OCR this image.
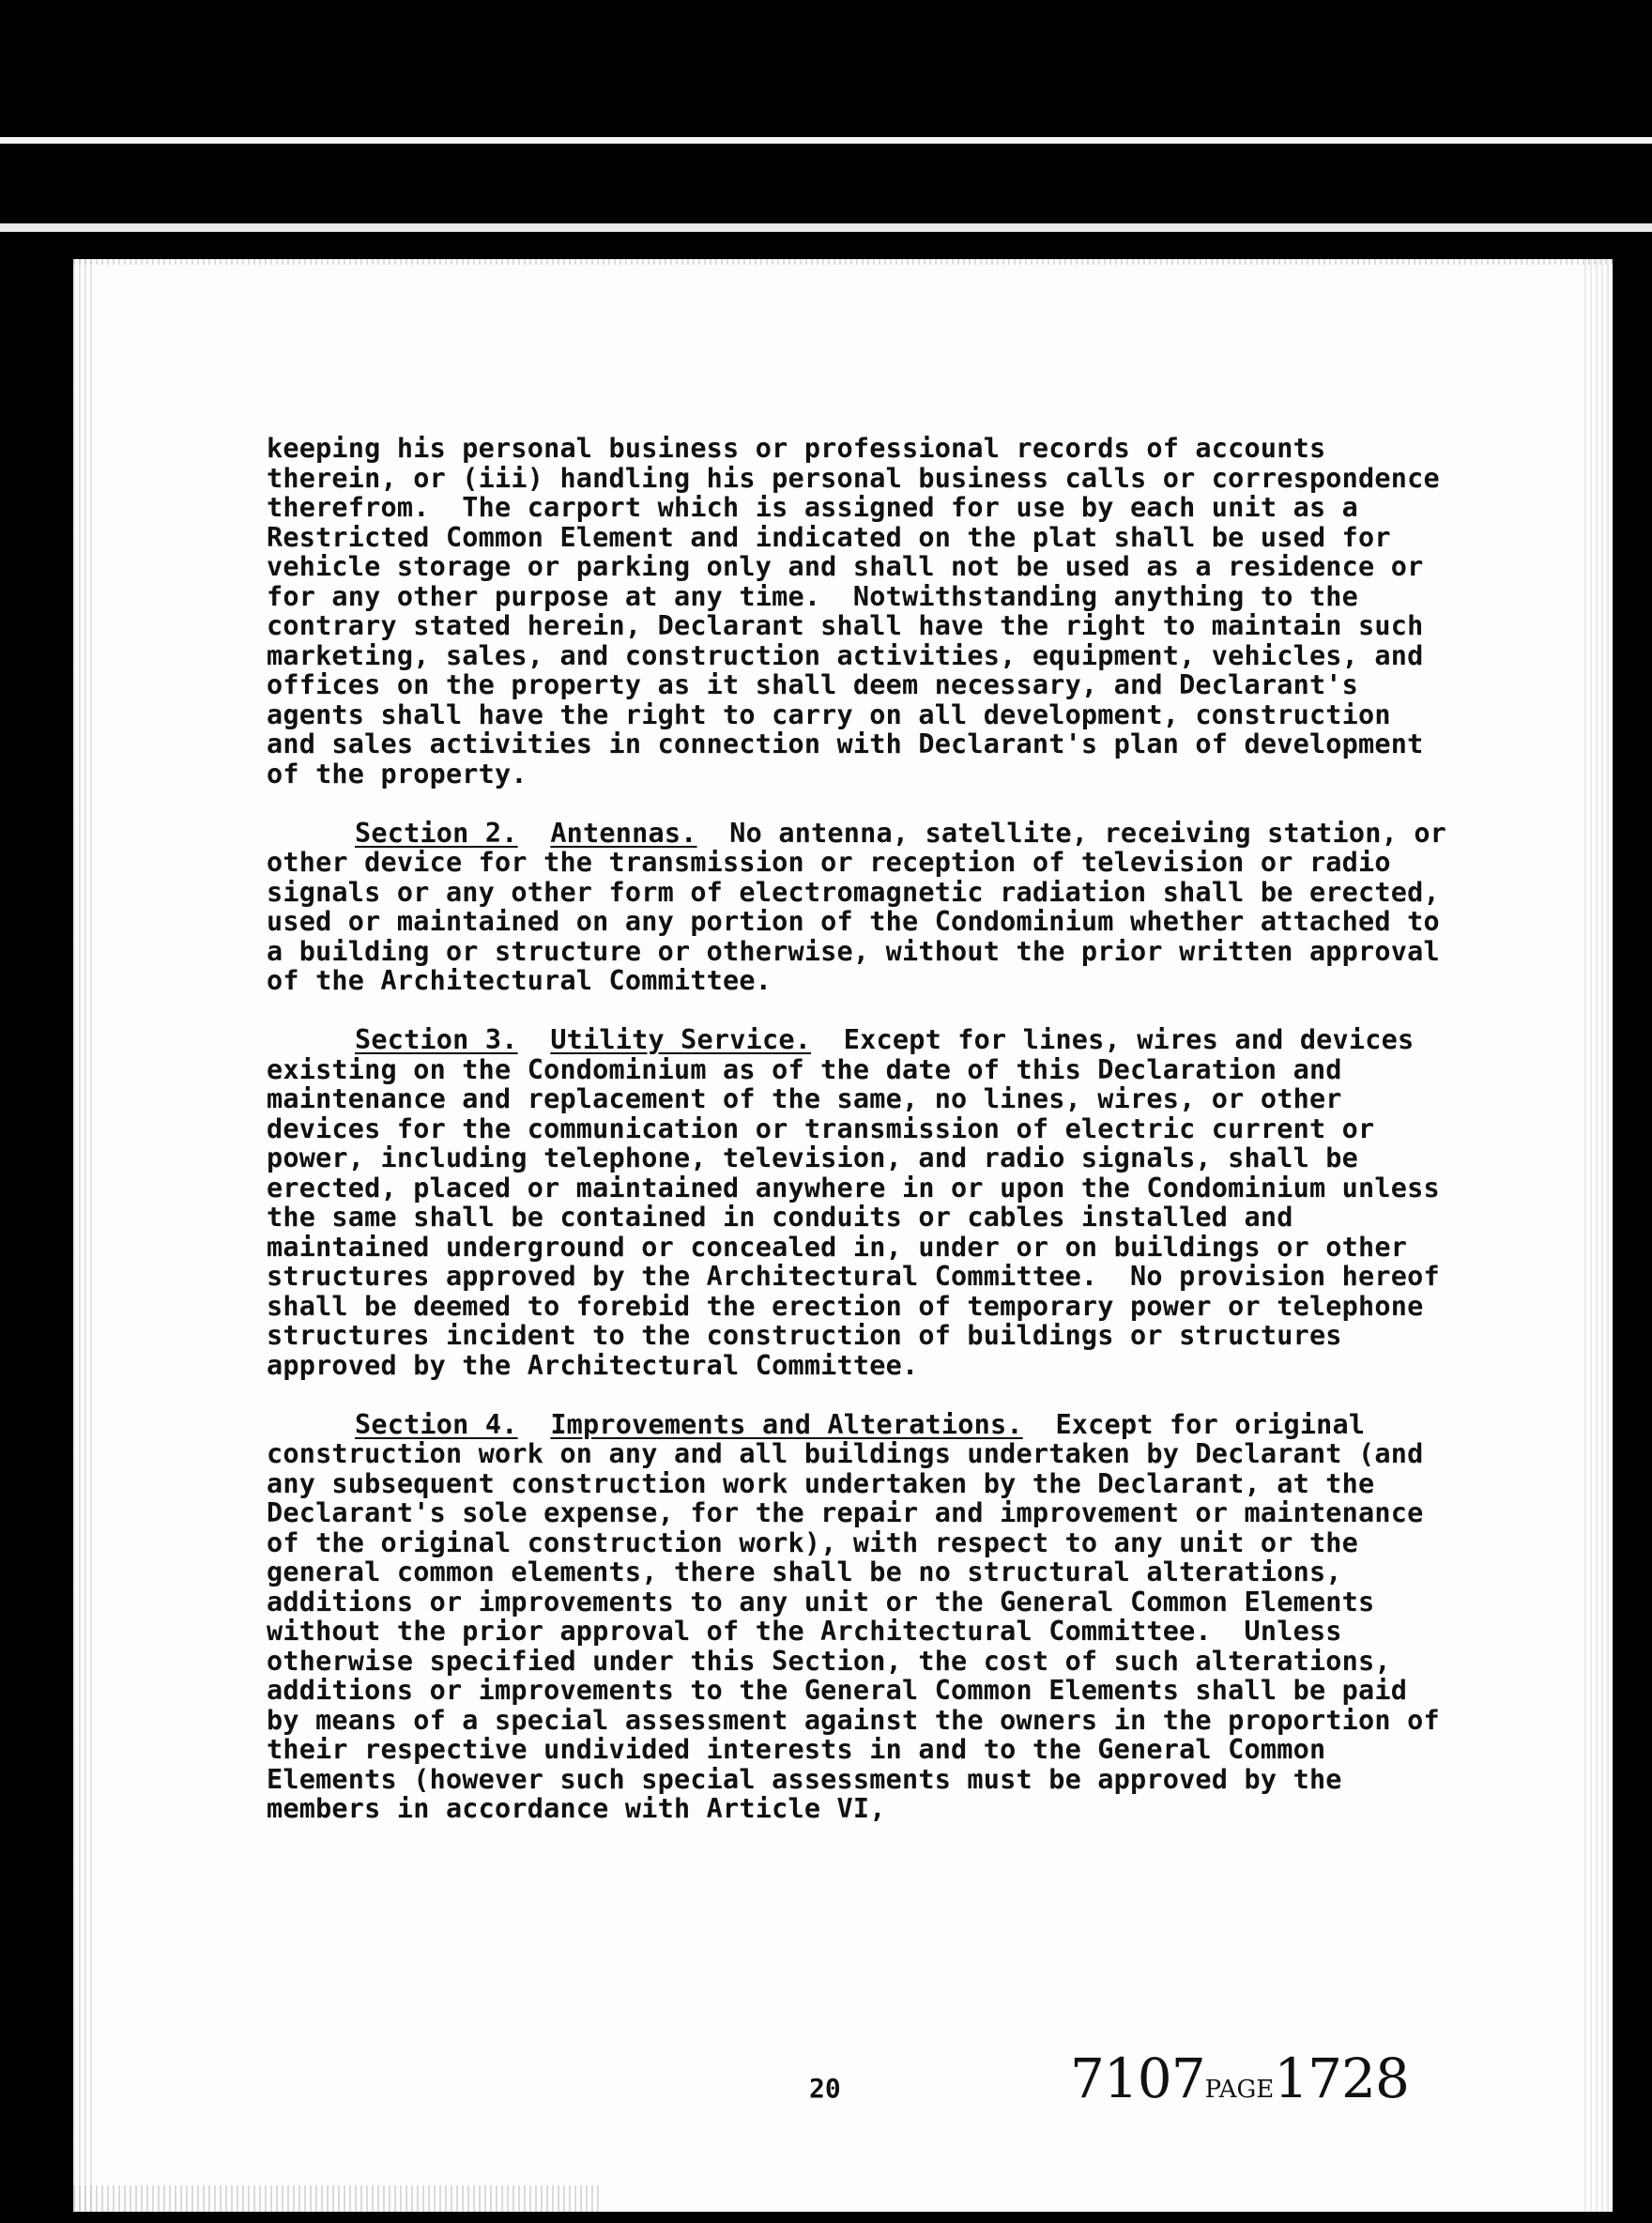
keeping his personal business or professional records of accounts therein, or (iii) handling his personal business calls or correspondence therefrom.  The carport which is assigned for use by each unit as a Restricted Common Element and indicated on the plat shall be used for vehicle storage or parking only and shall not be used as a residence or for any other purpose at any time.  Notwithstanding anything to the contrary stated herein, Declarant shall have the right to maintain such marketing, sales, and construction activities, equipment, vehicles, and offices on the property as it shall deem necessary, and Declarant's agents shall have the right to carry on all development, construction and sales activities in connection with Declarant's plan of development of the property.

Section 2. Antennas. No antenna, satellite, receiving station, or other device for the transmission or reception of television or radio signals or any other form of electromagnetic radiation shall be erected, used or maintained on any portion of the Condominium whether attached to a building or structure or otherwise, without the prior written approval of the Architectural Committee.

Section 3. Utility Service. Except for lines, wires and devices existing on the Condominium as of the date of this Declaration and maintenance and replacement of the same, no lines, wires, or other devices for the communication or transmission of electric current or power, including telephone, television, and radio signals, shall be erected, placed or maintained anywhere in or upon the Condominium unless the same shall be contained in conduits or cables installed and maintained underground or concealed in, under or on buildings or other structures approved by the Architectural Committee.  No provision hereof shall be deemed to forebid the erection of temporary power or telephone structures incident to the construction of buildings or structures approved by the Architectural Committee.

Section 4. Improvements and Alterations. Except for original construction work on any and all buildings undertaken by Declarant (and any subsequent construction work undertaken by the Declarant, at the Declarant's sole expense, for the repair and improvement or maintenance of the original construction work), with respect to any unit or the general common elements, there shall be no structural alterations, additions or improvements to any unit or the General Common Elements without the prior approval of the Architectural Committee.  Unless otherwise specified under this Section, the cost of such alterations, additions or improvements to the General Common Elements shall be paid by means of a special assessment against the owners in the proportion of their respective undivided interests in and to the General Common Elements (however such special assessments must be approved by the members in accordance with Article VI,

20	7107PAGE1728
